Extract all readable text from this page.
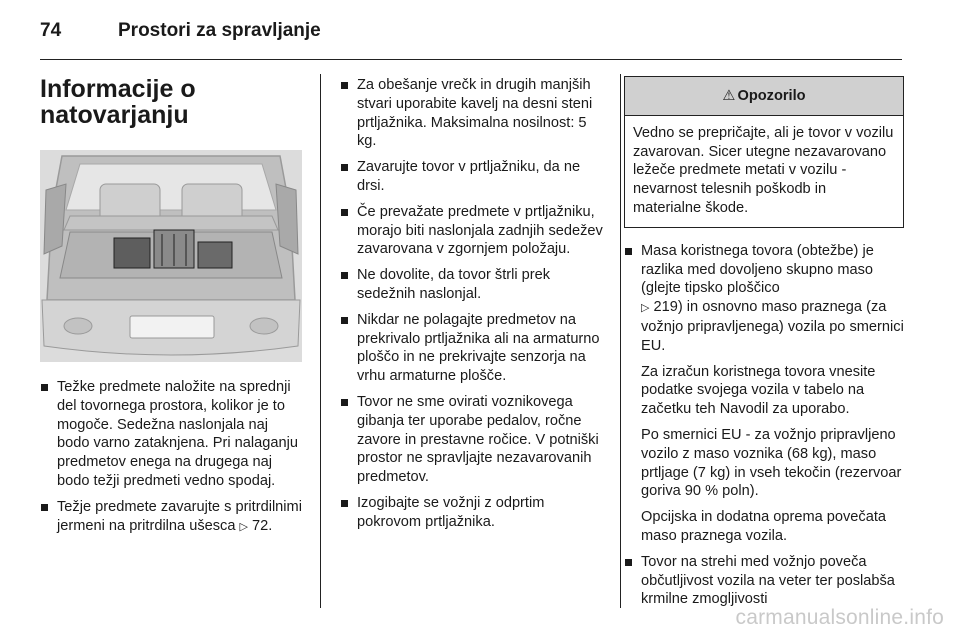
74	Prostori za spravljanje
Informacije o natovarjanju
Težke predmete naložite na sprednji del tovornega prostora, kolikor je to mogoče. Sedežna naslonjala naj bodo varno zataknjena. Pri nalaganju predmetov enega na drugega naj bodo težji predmeti vedno spodaj.
Težje predmete zavarujte s pritrdilnimi jermeni na pritrdilna ušesca ▷ 72.
Za obešanje vrečk in drugih manjših stvari uporabite kavelj na desni steni prtljažnika. Maksimalna nosilnost: 5 kg.
Zavarujte tovor v prtljažniku, da ne drsi.
Če prevažate predmete v prtljažniku, morajo biti naslonjala zadnjih sedežev zavarovana v zgornjem položaju.
Ne dovolite, da tovor štrli prek sedežnih naslonjal.
Nikdar ne polagajte predmetov na prekrivalo prtljažnika ali na armaturno ploščo in ne prekrivajte senzorja na vrhu armaturne plošče.
Tovor ne sme ovirati voznikovega gibanja ter uporabe pedalov, ročne zavore in prestavne ročice. V potniški prostor ne spravljajte nezavarovanih predmetov.
Izogibajte se vožnji z odprtim pokrovom prtljažnika.
⚠ Opozorilo
Vedno se prepričajte, ali je tovor v vozilu zavarovan. Sicer utegne nezavarovano ležeče predmete metati v vozilu - nevarnost telesnih poškodb in materialne škode.
Masa koristnega tovora (obtežbe) je razlika med dovoljeno skupno maso (glejte tipsko ploščico
▷ 219) in osnovno maso praznega (za vožnjo pripravljenega) vozila po smernici EU.
Za izračun koristnega tovora vnesite podatke svojega vozila v tabelo na začetku teh Navodil za uporabo.
Po smernici EU - za vožnjo pripravljeno vozilo z maso voznika (68 kg), maso prtljage (7 kg) in vseh tekočin (rezervoar goriva 90 % poln).
Opcijska in dodatna oprema povečata maso praznega vozila.
Tovor na strehi med vožnjo poveča občutljivost vozila na veter ter poslabša krmilne zmogljivosti
carmanualsonline.info
